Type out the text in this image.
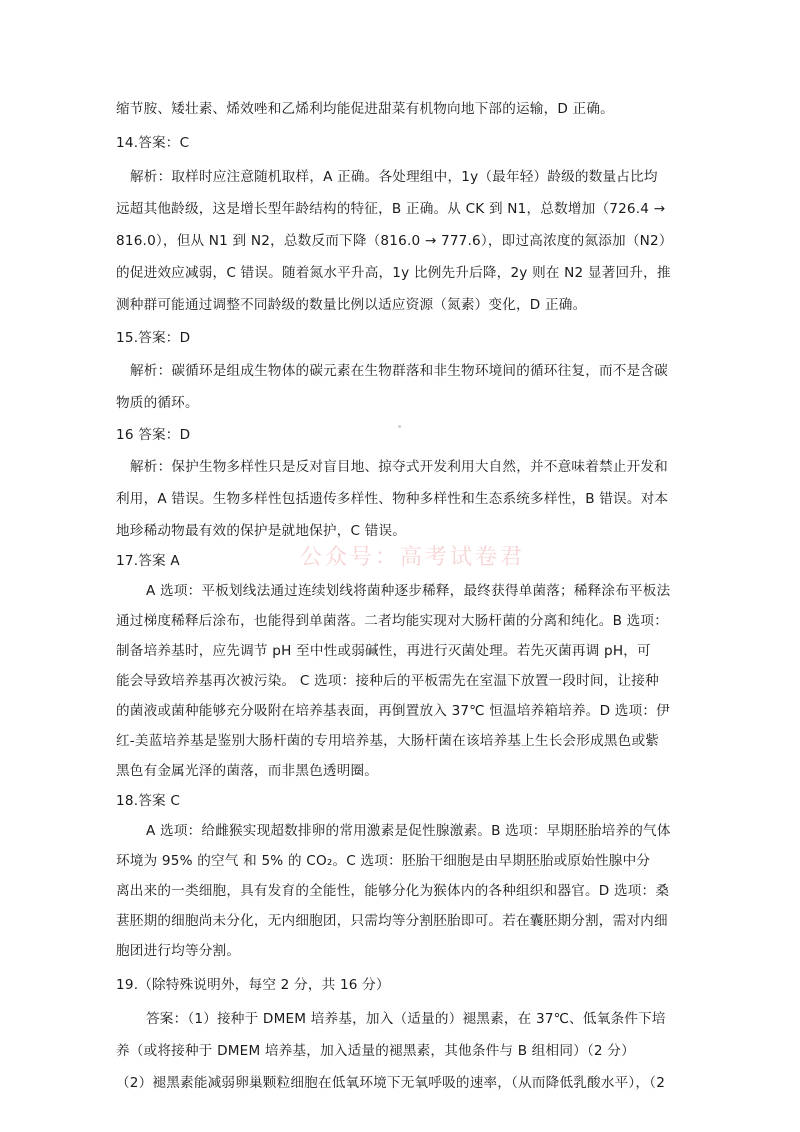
公众号：高考试卷君
缩节胺、矮壮素、烯效唑和乙烯利均能促进甜菜有机物向地下部的运输，D 正确。
14.答案：C
解析：取样时应注意随机取样，A 正确。各处理组中，1y（最年轻）龄级的数量占比均
远超其他龄级，这是增长型年龄结构的特征，B 正确。从 CK 到 N1，总数增加（726.4 →
816.0），但从 N1 到 N2，总数反而下降（816.0 → 777.6），即过高浓度的氮添加（N2）
的促进效应减弱，C 错误。随着氮水平升高，1y 比例先升后降，2y 则在 N2 显著回升，推
测种群可能通过调整不同龄级的数量比例以适应资源（氮素）变化，D 正确。
15.答案：D
解析：碳循环是组成生物体的碳元素在生物群落和非生物环境间的循环往复，而不是含碳
物质的循环。
16 答案：D
解析：保护生物多样性只是反对盲目地、掠夺式开发利用大自然，并不意味着禁止开发和
利用，A 错误。生物多样性包括遗传多样性、物种多样性和生态系统多样性，B 错误。对本
地珍稀动物最有效的保护是就地保护，C 错误。
17.答案 A
A 选项：平板划线法通过连续划线将菌种逐步稀释，最终获得单菌落；稀释涂布平板法
通过梯度稀释后涂布，也能得到单菌落。二者均能实现对大肠杆菌的分离和纯化。B 选项：
制备培养基时，应先调节 pH 至中性或弱碱性，再进行灭菌处理。若先灭菌再调 pH，可
能会导致培养基再次被污染。 C 选项：接种后的平板需先在室温下放置一段时间，让接种
的菌液或菌种能够充分吸附在培养基表面，再倒置放入 37℃ 恒温培养箱培养。D 选项：伊
红-美蓝培养基是鉴别大肠杆菌的专用培养基，大肠杆菌在该培养基上生长会形成黑色或紫
黑色有金属光泽的菌落，而非黑色透明圈。
18.答案 C
A 选项：给雌猴实现超数排卵的常用激素是促性腺激素。B 选项：早期胚胎培养的气体
环境为 95% 的空气 和 5% 的 CO₂。C 选项：胚胎干细胞是由早期胚胎或原始性腺中分
离出来的一类细胞，具有发育的全能性，能够分化为猴体内的各种组织和器官。D 选项：桑
葚胚期的细胞尚未分化，无内细胞团，只需均等分割胚胎即可。若在囊胚期分割，需对内细
胞团进行均等分割。
19.（除特殊说明外，每空 2 分，共 16 分）
答案：（1）接种于 DMEM 培养基，加入（适量的）褪黑素，在 37℃、低氧条件下培
养（或将接种于 DMEM 培养基，加入适量的褪黑素，其他条件与 B 组相同）（2 分）
（2）褪黑素能减弱卵巢颗粒细胞在低氧环境下无氧呼吸的速率，（从而降低乳酸水平），（2
